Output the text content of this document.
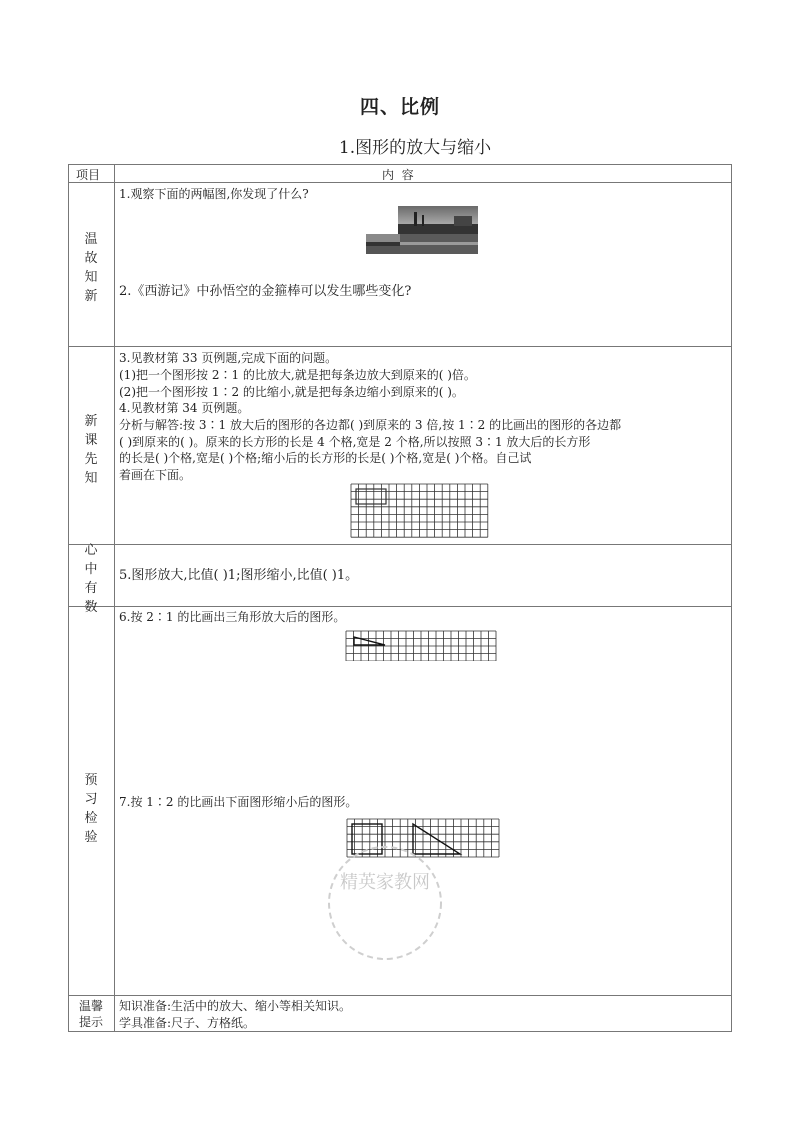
四、比例
1.图形的放大与缩小
项目	内  容
温
故
知
新
新
课
先
知
心
中
有
数
预
习
检
验
温馨
提示
1.观察下面的两幅图,你发现了什么?
2.《西游记》中孙悟空的金箍棒可以发生哪些变化?
3.见教材第 33 页例题,完成下面的问题。
(1)把一个图形按 2∶1 的比放大,就是把每条边放大到原来的( )倍。
(2)把一个图形按 1∶2 的比缩小,就是把每条边缩小到原来的( )。
4.见教材第 34 页例题。
分析与解答:按 3∶1 放大后的图形的各边都( )到原来的 3 倍,按 1∶2 的比画出的图形的各边都
( )到原来的( )。原来的长方形的长是 4 个格,宽是 2 个格,所以按照 3∶1 放大后的长方形
的长是( )个格,宽是( )个格;缩小后的长方形的长是( )个格,宽是( )个格。自己试
着画在下面。
5.图形放大,比值( )1;图形缩小,比值( )1。
6.按 2∶1 的比画出三角形放大后的图形。
7.按 1∶2 的比画出下面图形缩小后的图形。
精英家教网
知识准备:生活中的放大、缩小等相关知识。
学具准备:尺子、方格纸。
